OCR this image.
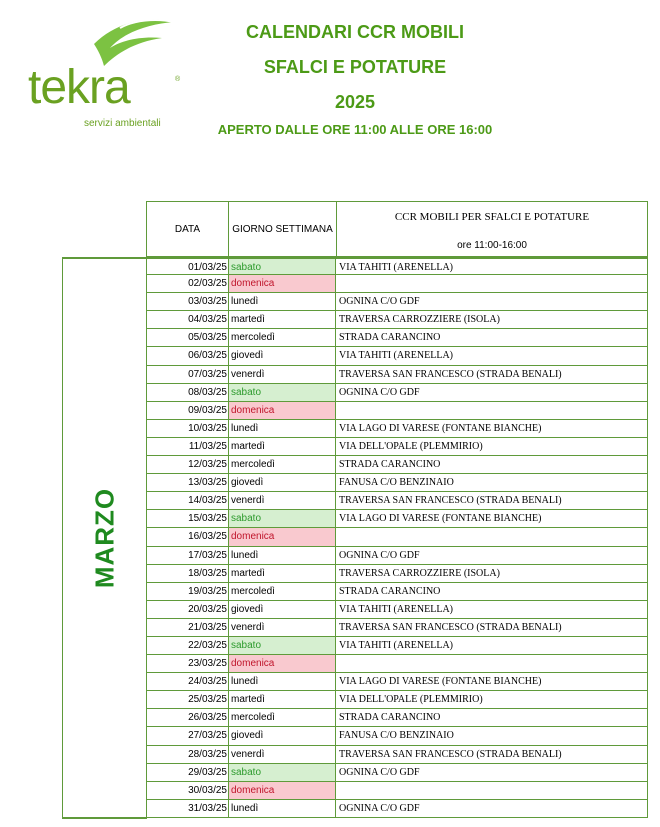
tekra	®
servizi ambientali
CALENDARI CCR MOBILI
SFALCI E POTATURE
2025
APERTO DALLE ORE 11:00 ALLE ORE 16:00
DATA	GIORNO SETTIMANA
CCR MOBILI PER SFALCI E POTATURE
ore 11:00-16:00
MARZO
01/03/25 sabato	VIA TAHITI (ARENELLA)
02/03/25 domenica
03/03/25 lunedì	OGNINA C/O GDF
04/03/25 martedì	TRAVERSA CARROZZIERE (ISOLA)
05/03/25 mercoledì	STRADA CARANCINO
06/03/25 giovedì	VIA TAHITI (ARENELLA)
07/03/25 venerdì	TRAVERSA SAN FRANCESCO (STRADA BENALI)
08/03/25 sabato	OGNINA C/O GDF
09/03/25 domenica
10/03/25 lunedì	VIA LAGO DI VARESE (FONTANE BIANCHE)
11/03/25 martedì	VIA DELL'OPALE (PLEMMIRIO)
12/03/25 mercoledì	STRADA CARANCINO
13/03/25 giovedì	FANUSA C/O BENZINAIO
14/03/25 venerdì	TRAVERSA SAN FRANCESCO (STRADA BENALI)
15/03/25 sabato	VIA LAGO DI VARESE (FONTANE BIANCHE)
16/03/25 domenica
17/03/25 lunedì	OGNINA C/O GDF
18/03/25 martedì	TRAVERSA CARROZZIERE (ISOLA)
19/03/25 mercoledì	STRADA CARANCINO
20/03/25 giovedì	VIA TAHITI (ARENELLA)
21/03/25 venerdì	TRAVERSA SAN FRANCESCO (STRADA BENALI)
22/03/25 sabato	VIA TAHITI (ARENELLA)
23/03/25 domenica
24/03/25 lunedì	VIA LAGO DI VARESE (FONTANE BIANCHE)
25/03/25 martedì	VIA DELL'OPALE (PLEMMIRIO)
26/03/25 mercoledì	STRADA CARANCINO
27/03/25 giovedì	FANUSA C/O BENZINAIO
28/03/25 venerdì	TRAVERSA SAN FRANCESCO (STRADA BENALI)
29/03/25 sabato	OGNINA C/O GDF
30/03/25 domenica
31/03/25 lunedì	OGNINA C/O GDF
